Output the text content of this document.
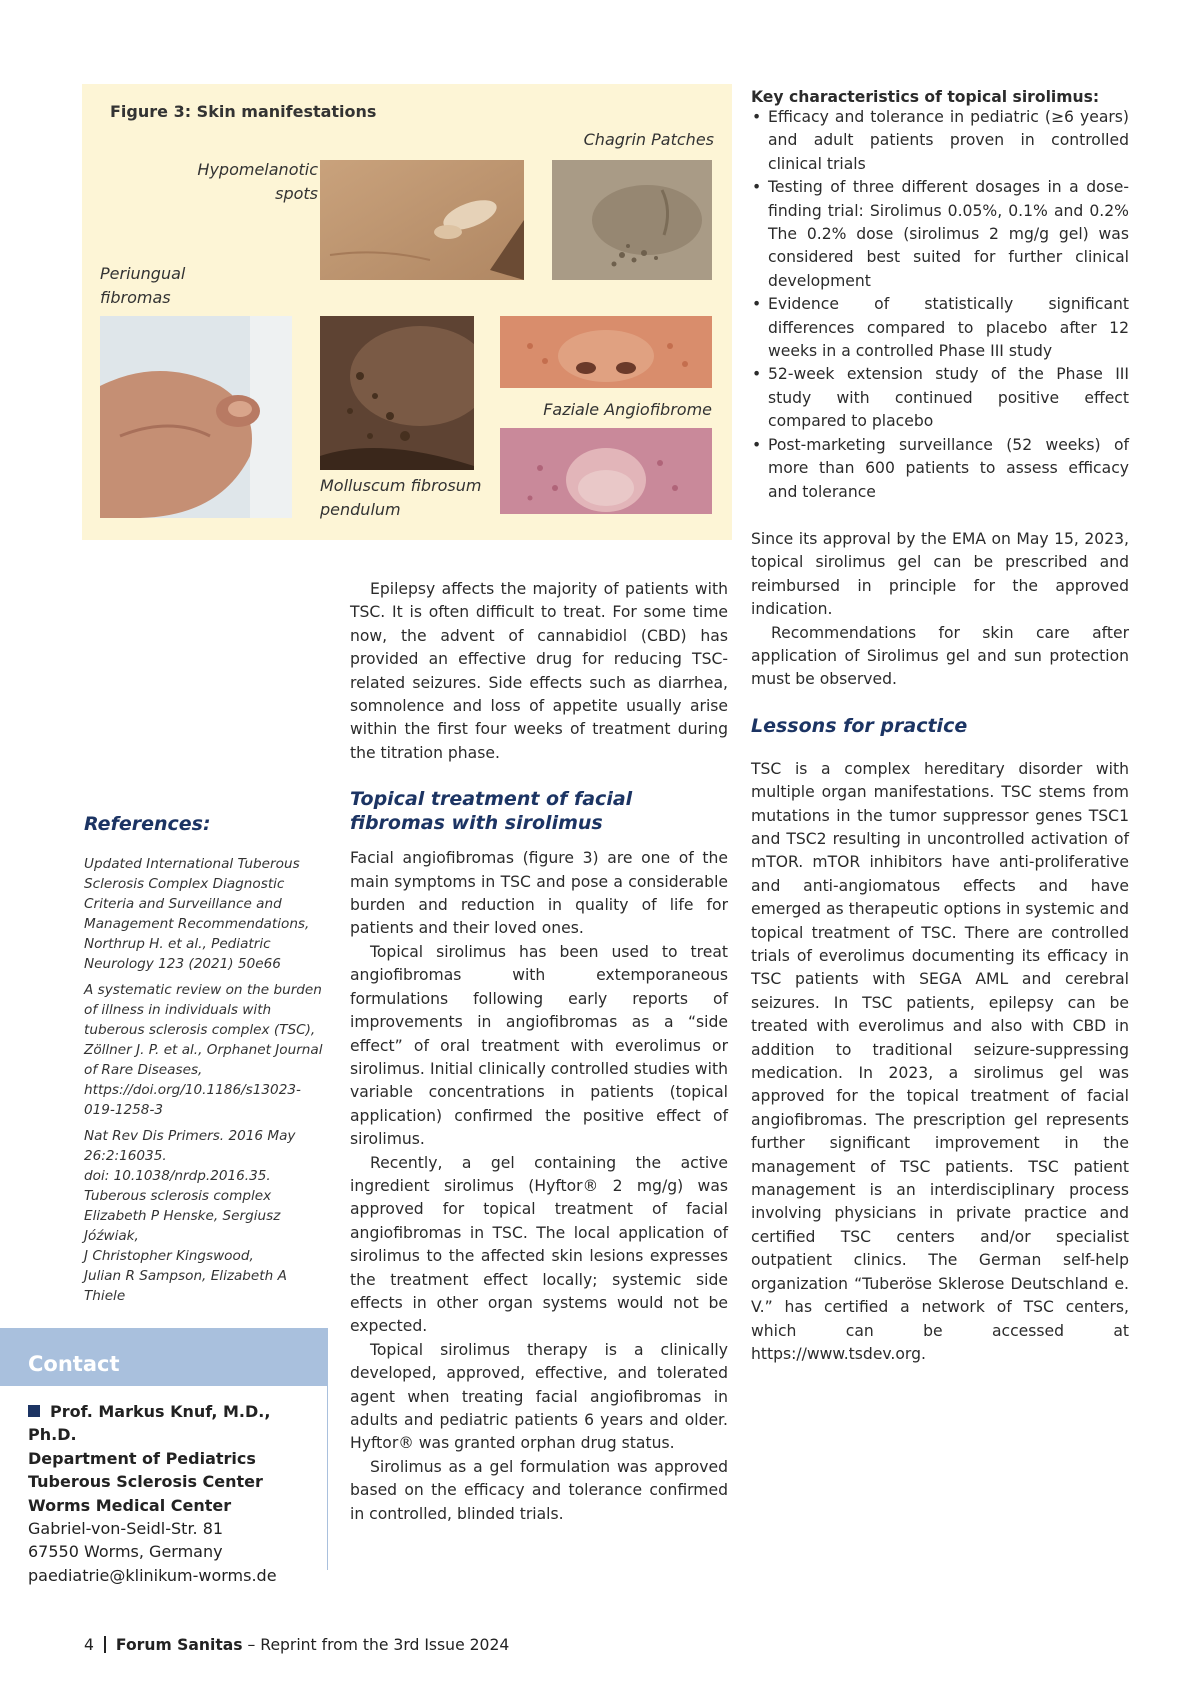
Figure 3: Skin manifestations
Chagrin Patches
Hypomelanotic
spots
Periungual
fibromas
Faziale Angiofibrome
Molluscum fibrosum
pendulum

Epilepsy affects the majority of patients with TSC. It is often difficult to treat. For some time now, the advent of cannabidiol (CBD) has provided an effective drug for reducing TSC-related seizures. Side effects such as diarrhea, somnolence and loss of appetite usually arise within the first four weeks of treatment during the titration phase.

Topical treatment of facial fibromas with sirolimus

Facial angiofibromas (figure 3) are one of the main symptoms in TSC and pose a considerable burden and reduction in quality of life for patients and their loved ones.

Topical sirolimus has been used to treat angiofibromas with extemporaneous formulations following early reports of improvements in angiofibromas as a “side effect” of oral treatment with everolimus or sirolimus. Initial clinically controlled studies with variable concentrations in patients (topical application) confirmed the positive effect of sirolimus.

Recently, a gel containing the active ingredient sirolimus (Hyftor® 2 mg/g) was approved for topical treatment of facial angiofibromas in TSC. The local application of sirolimus to the affected skin lesions expresses the treatment effect locally; systemic side effects in other organ systems would not be expected.

Topical sirolimus therapy is a clinically developed, approved, effective, and tolerated agent when treating facial angiofibromas in adults and pediatric patients 6 years and older. Hyftor® was granted orphan drug status.

Sirolimus as a gel formulation was approved based on the efficacy and tolerance confirmed in controlled, blinded trials.

Key characteristics of topical sirolimus:
• Efficacy and tolerance in pediatric (≥6 years) and adult patients proven in controlled clinical trials
• Testing of three different dosages in a dose-finding trial: Sirolimus 0.05%, 0.1% and 0.2% The 0.2% dose (sirolimus 2 mg/g gel) was considered best suited for further clinical development
• Evidence of statistically significant differences compared to placebo after 12 weeks in a controlled Phase III study
• 52-week extension study of the Phase III study with continued positive effect compared to placebo
• Post-marketing surveillance (52 weeks) of more than 600 patients to assess efficacy and tolerance

Since its approval by the EMA on May 15, 2023, topical sirolimus gel can be prescribed and reimbursed in principle for the approved indication.

Recommendations for skin care after application of Sirolimus gel and sun protection must be observed.

Lessons for practice

TSC is a complex hereditary disorder with multiple organ manifestations. TSC stems from mutations in the tumor suppressor genes TSC1 and TSC2 resulting in uncontrolled activation of mTOR. mTOR inhibitors have anti-proliferative and anti-angiomatous effects and have emerged as therapeutic options in systemic and topical treatment of TSC. There are controlled trials of everolimus documenting its efficacy in TSC patients with SEGA AML and cerebral seizures. In TSC patients, epilepsy can be treated with everolimus and also with CBD in addition to traditional seizure-suppressing medication. In 2023, a sirolimus gel was approved for the topical treatment of facial angiofibromas. The prescription gel represents further significant improvement in the management of TSC patients. TSC patient management is an interdisciplinary process involving physicians in private practice and certified TSC centers and/or specialist outpatient clinics. The German self-help organization “Tuberöse Sklerose Deutschland e. V.” has certified a network of TSC centers, which can be accessed at https://www.tsdev.org.

References:

Updated International Tuberous Sclerosis Complex Diagnostic Criteria and Surveillance and Management Recommendations, Northrup H. et al., Pediatric Neurology 123 (2021) 50e66

A systematic review on the burden of illness in individuals with tuberous sclerosis complex (TSC), Zöllner J. P. et al., Orphanet Journal of Rare Diseases, https://doi.org/10.1186/s13023-019-1258-3

Nat Rev Dis Primers. 2016 May 26:2:16035.
doi: 10.1038/nrdp.2016.35.
Tuberous sclerosis complex
Elizabeth P Henske, Sergiusz Jóźwiak,
J Christopher Kingswood,
Julian R Sampson, Elizabeth A Thiele

Contact
Prof. Markus Knuf, M.D., Ph.D.
Department of Pediatrics
Tuberous Sclerosis Center
Worms Medical Center
Gabriel-von-Seidl-Str. 81
67550 Worms, Germany
paediatrie@klinikum-worms.de
4 Forum Sanitas – Reprint from the 3rd Issue 2024
